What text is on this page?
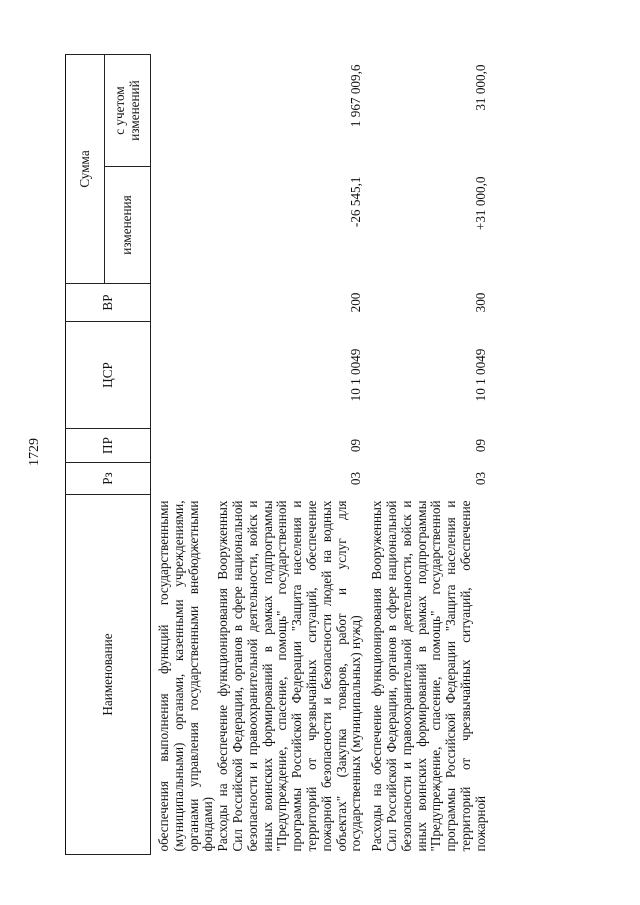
1729
Наименование	Рз	ПР	ЦСР	ВР	Сумма	
					изменения	с учетом изменений

обеспечения выполнения функций государственными (муниципальными) органами, казенными учреждениями, органами управления государственными внебюджетными фондами)						
Расходы на обеспечение функционирования Вооруженных Сил Российской Федерации, органов в сфере национальной безопасности и правоохранительной деятельности, войск и иных воинских формирований в рамках подпрограммы "Предупреждение, спасение, помощь" государственной программы Российской Федерации "Защита населения и территорий от чрезвычайных ситуаций, обеспечение пожарной безопасности и безопасности людей на водных объектах" (Закупка товаров, работ и услуг для государственных (муниципальных) нужд)	03	09	10 1 0049	200	-26 545,1	1 967 009,6

Расходы на обеспечение функционирования Вооруженных Сил Российской Федерации, органов в сфере национальной безопасности и правоохранительной деятельности, войск и иных воинских формирований в рамках подпрограммы "Предупреждение, спасение, помощь" государственной программы Российской Федерации "Защита населения и территорий от чрезвычайных ситуаций, обеспечение пожарной	03	09	10 1 0049	300	+31 000,0	31 000,0
